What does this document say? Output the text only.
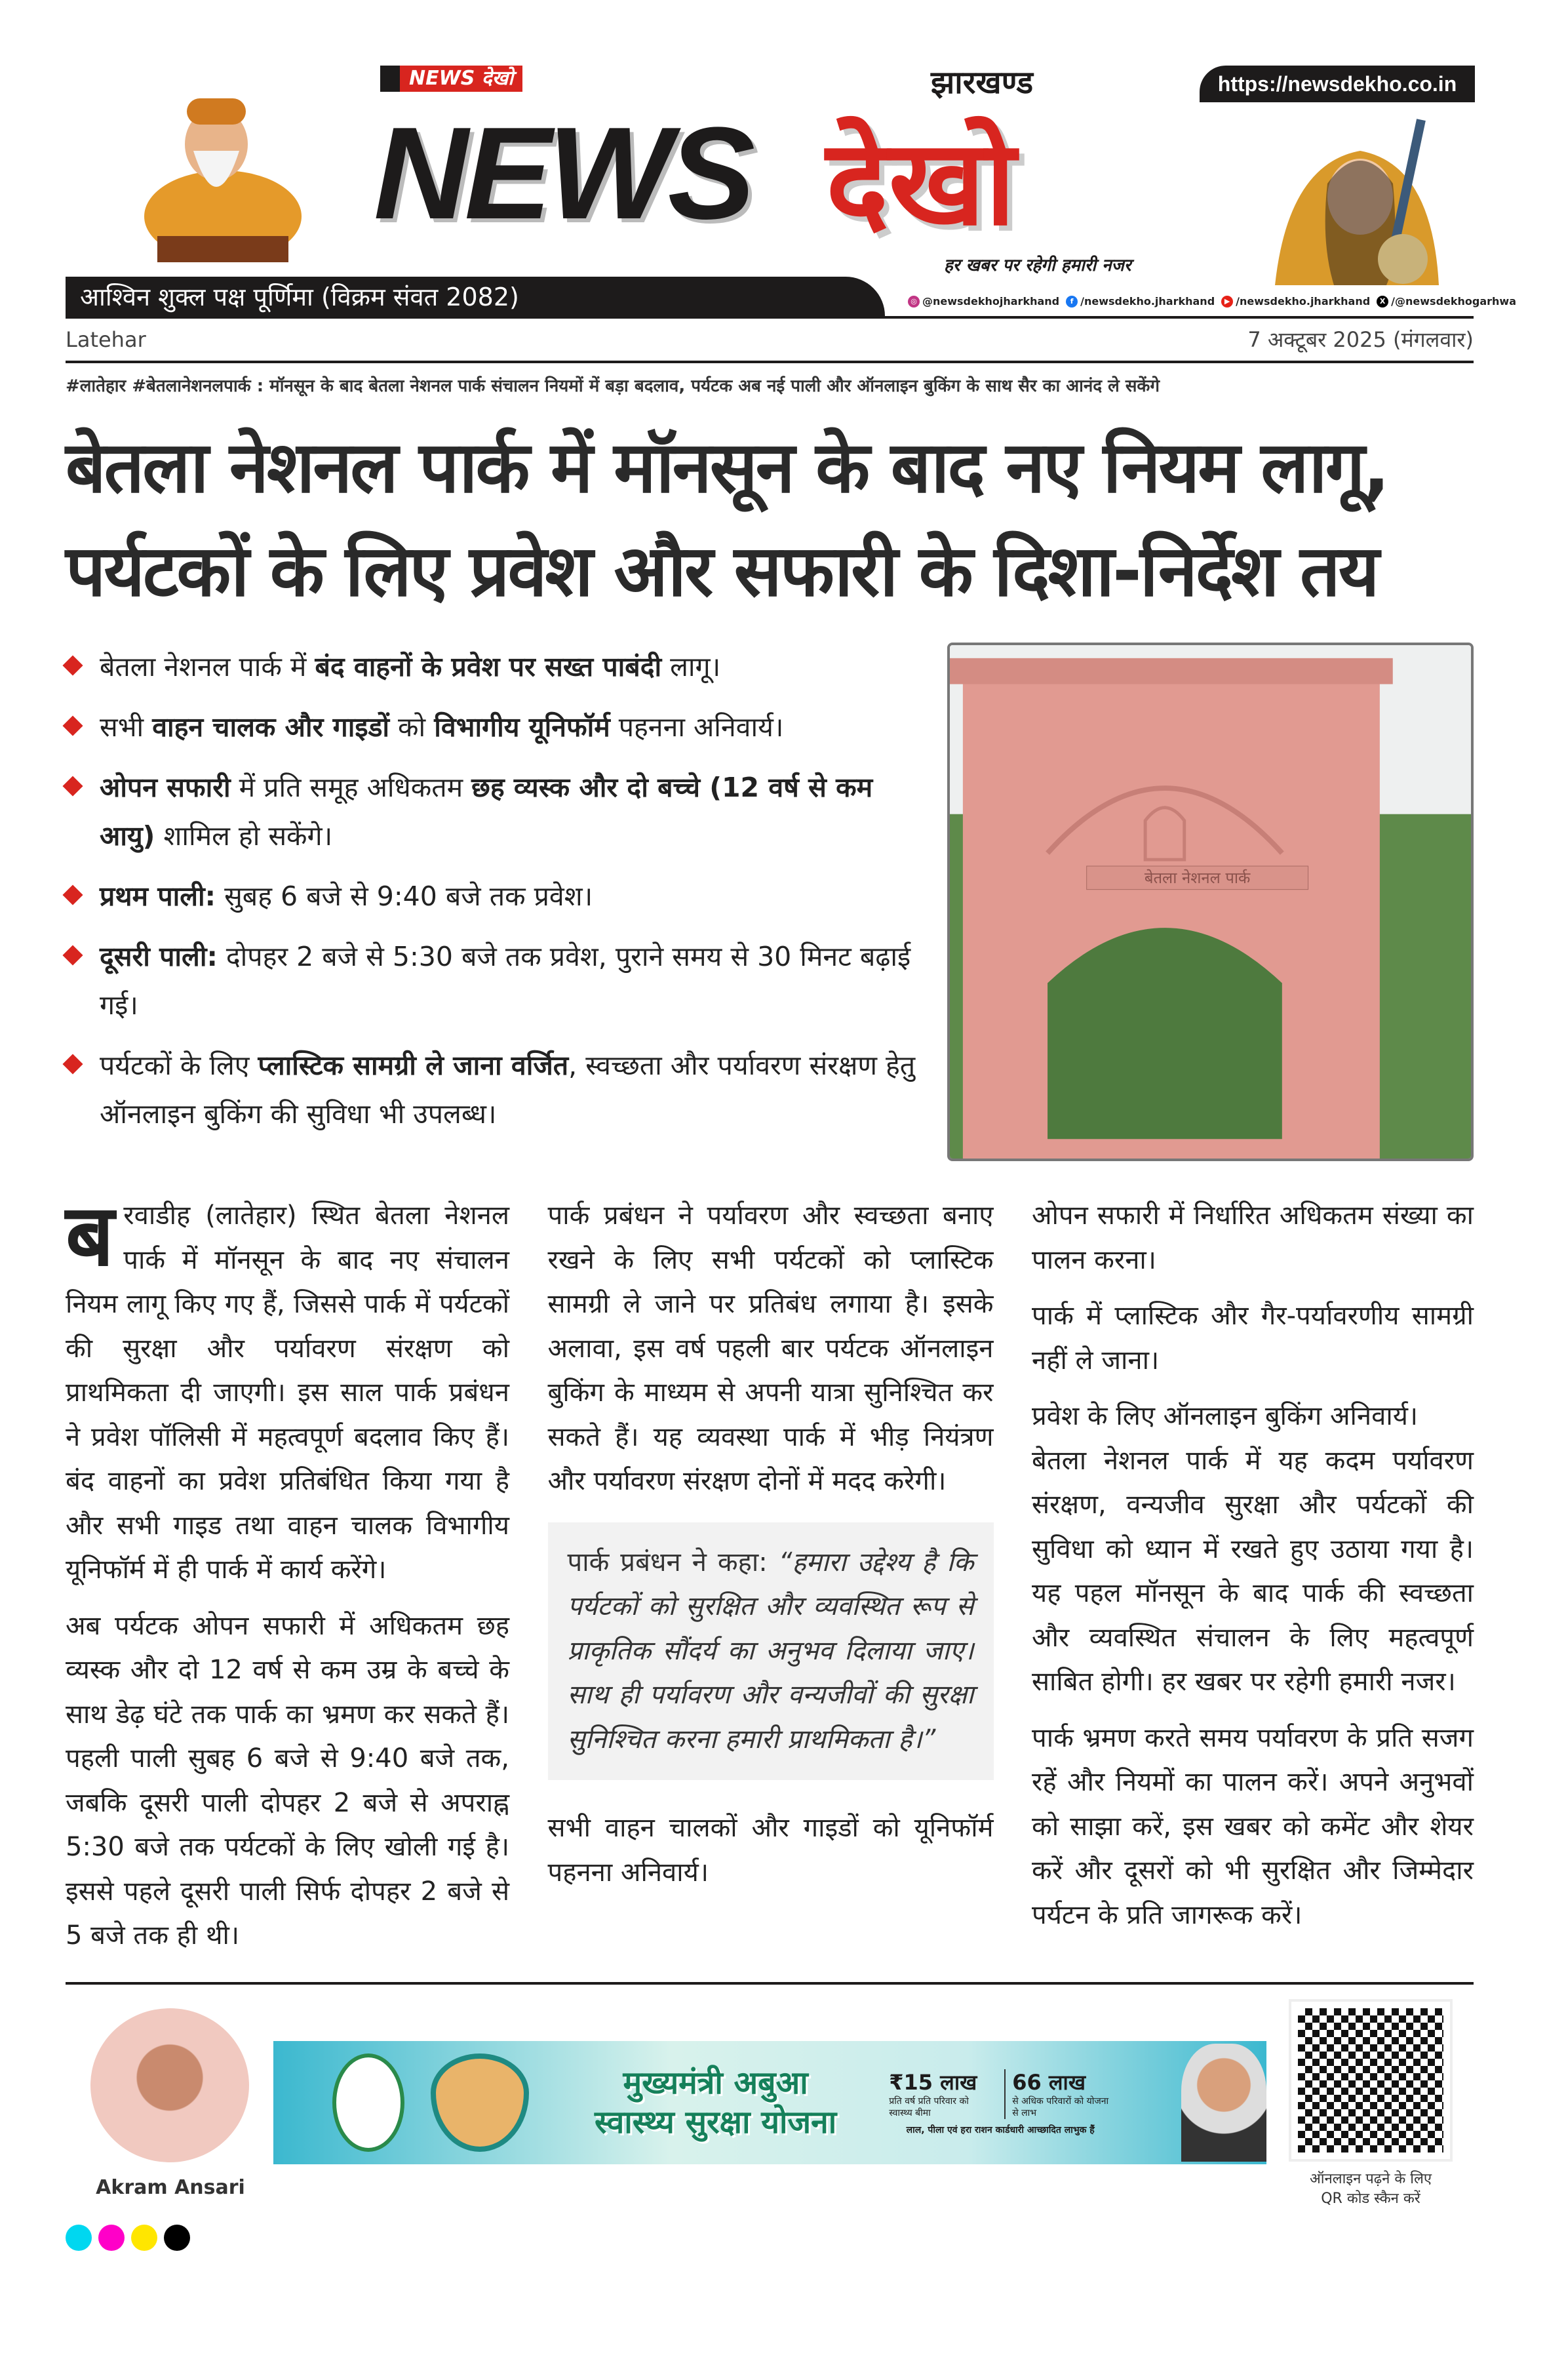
NEWS देखो
NEWS
झारखण्ड
देखो
हर खबर पर रहेगी हमारी नजर
https://newsdekho.co.in
आश्विन शुक्ल पक्ष पूर्णिमा (विक्रम संवत 2082)	◎ @newsdekhojharkhand	f /newsdekho.jharkhand	▶ /newsdekho.jharkhand	X /@newsdekhogarhwa
Latehar	7 अक्टूबर 2025 (मंगलवार)
#लातेहार #बेतलानेशनलपार्क : मॉनसून के बाद बेतला नेशनल पार्क संचालन नियमों में बड़ा बदलाव, पर्यटक अब नई पाली और ऑनलाइन बुकिंग के साथ सैर का आनंद ले सकेंगे
बेतला नेशनल पार्क में मॉनसून के बाद नए नियम लागू,
पर्यटकों के लिए प्रवेश और सफारी के दिशा-निर्देश तय
बेतला नेशनल पार्क में बंद वाहनों के प्रवेश पर सख्त पाबंदी लागू।
सभी वाहन चालक और गाइडों को विभागीय यूनिफॉर्म पहनना अनिवार्य।
ओपन सफारी में प्रति समूह अधिकतम छह व्यस्क और दो बच्चे (12 वर्ष से कम आयु) शामिल हो सकेंगे।
प्रथम पाली: सुबह 6 बजे से 9:40 बजे तक प्रवेश।
दूसरी पाली: दोपहर 2 बजे से 5:30 बजे तक प्रवेश, पुराने समय से 30 मिनट बढ़ाई गई।
पर्यटकों के लिए प्लास्टिक सामग्री ले जाना वर्जित, स्वच्छता और पर्यावरण संरक्षण हेतु ऑनलाइन बुकिंग की सुविधा भी उपलब्ध।
बेतला नेशनल पार्क

बरवाडीह (लातेहार) स्थित बेतला नेशनल पार्क में मॉनसून के बाद नए संचालन नियम लागू किए गए हैं, जिससे पार्क में पर्यटकों की सुरक्षा और पर्यावरण संरक्षण को प्राथमिकता दी जाएगी। इस साल पार्क प्रबंधन ने प्रवेश पॉलिसी में महत्वपूर्ण बदलाव किए हैं। बंद वाहनों का प्रवेश प्रतिबंधित किया गया है और सभी गाइड तथा वाहन चालक विभागीय यूनिफॉर्म में ही पार्क में कार्य करेंगे।

अब पर्यटक ओपन सफारी में अधिकतम छह व्यस्क और दो 12 वर्ष से कम उम्र के बच्चे के साथ डेढ़ घंटे तक पार्क का भ्रमण कर सकते हैं। पहली पाली सुबह 6 बजे से 9:40 बजे तक, जबकि दूसरी पाली दोपहर 2 बजे से अपराह्न 5:30 बजे तक पर्यटकों के लिए खोली गई है। इससे पहले दूसरी पाली सिर्फ दोपहर 2 बजे से 5 बजे तक ही थी।

पार्क प्रबंधन ने पर्यावरण और स्वच्छता बनाए रखने के लिए सभी पर्यटकों को प्लास्टिक सामग्री ले जाने पर प्रतिबंध लगाया है। इसके अलावा, इस वर्ष पहली बार पर्यटक ऑनलाइन बुकिंग के माध्यम से अपनी यात्रा सुनिश्चित कर सकते हैं। यह व्यवस्था पार्क में भीड़ नियंत्रण और पर्यावरण संरक्षण दोनों में मदद करेगी।

पार्क प्रबंधन ने कहा: “हमारा उद्देश्य है कि पर्यटकों को सुरक्षित और व्यवस्थित रूप से प्राकृतिक सौंदर्य का अनुभव दिलाया जाए। साथ ही पर्यावरण और वन्यजीवों की सुरक्षा सुनिश्चित करना हमारी प्राथमिकता है।”

सभी वाहन चालकों और गाइडों को यूनिफॉर्म पहनना अनिवार्य।

ओपन सफारी में निर्धारित अधिकतम संख्या का पालन करना।

पार्क में प्लास्टिक और गैर-पर्यावरणीय सामग्री नहीं ले जाना।

प्रवेश के लिए ऑनलाइन बुकिंग अनिवार्य।

बेतला नेशनल पार्क में यह कदम पर्यावरण संरक्षण, वन्यजीव सुरक्षा और पर्यटकों की सुविधा को ध्यान में रखते हुए उठाया गया है। यह पहल मॉनसून के बाद पार्क की स्वच्छता और व्यवस्थित संचालन के लिए महत्वपूर्ण साबित होगी। हर खबर पर रहेगी हमारी नजर।

पार्क भ्रमण करते समय पर्यावरण के प्रति सजग रहें और नियमों का पालन करें। अपने अनुभवों को साझा करें, इस खबर को कमेंट और शेयर करें और दूसरों को भी सुरक्षित और जिम्मेदार पर्यटन के प्रति जागरूक करें।

Akram Ansari
मुख्यमंत्री अबुआ
स्वास्थ्य सुरक्षा योजना
₹15 लाख
प्रति वर्ष प्रति परिवार को स्वास्थ्य बीमा
66 लाख
से अधिक परिवारों को योजना से लाभ
लाल, पीला एवं हरा राशन कार्डधारी आच्छादित लाभुक हैं
ऑनलाइन पढ़ने के लिए
QR कोड स्कैन करें
